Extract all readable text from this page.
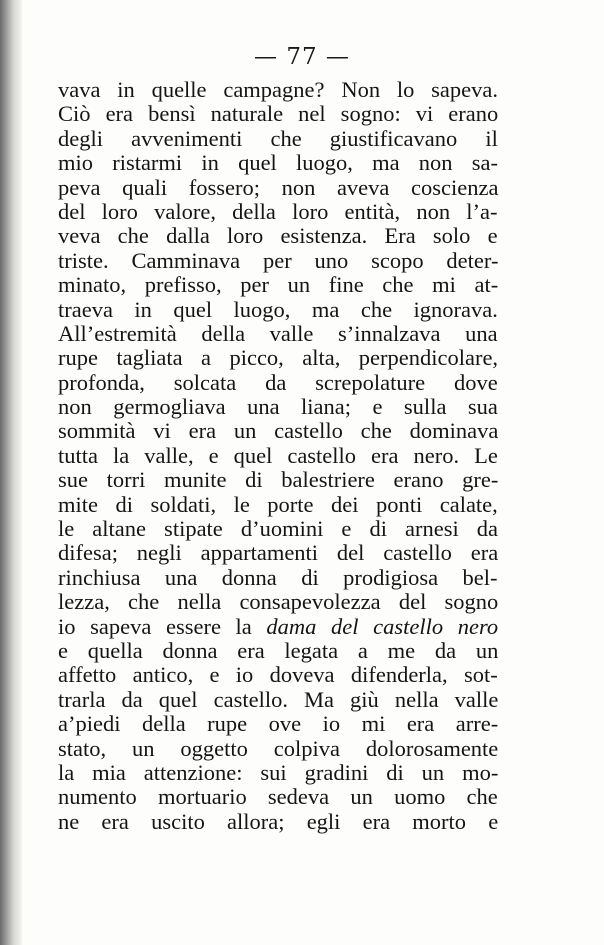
— 77 —
vava in quelle campagne? Non lo sapeva.
Ciò era bensì naturale nel sogno: vi erano
degli avvenimenti che giustificavano il
mio ristarmi in quel luogo, ma non sa-
peva quali fossero; non aveva coscienza
del loro valore, della loro entità, non l’a-
veva che dalla loro esistenza. Era solo e
triste. Camminava per uno scopo deter-
minato, prefisso, per un fine che mi at-
traeva in quel luogo, ma che ignorava.
All’estremità della valle s’innalzava una
rupe tagliata a picco, alta, perpendicolare,
profonda, solcata da screpolature dove
non germogliava una liana; e sulla sua
sommità vi era un castello che dominava
tutta la valle, e quel castello era nero. Le
sue torri munite di balestriere erano gre-
mite di soldati, le porte dei ponti calate,
le altane stipate d’uomini e di arnesi da
difesa; negli appartamenti del castello era
rinchiusa una donna di prodigiosa bel-
lezza, che nella consapevolezza del sogno
io sapeva essere la dama del castello nero
e quella donna era legata a me da un
affetto antico, e io doveva difenderla, sot-
trarla da quel castello. Ma giù nella valle
a’piedi della rupe ove io mi era arre-
stato, un oggetto colpiva dolorosamente
la mia attenzione: sui gradini di un mo-
numento mortuario sedeva un uomo che
ne era uscito allora; egli era morto e
